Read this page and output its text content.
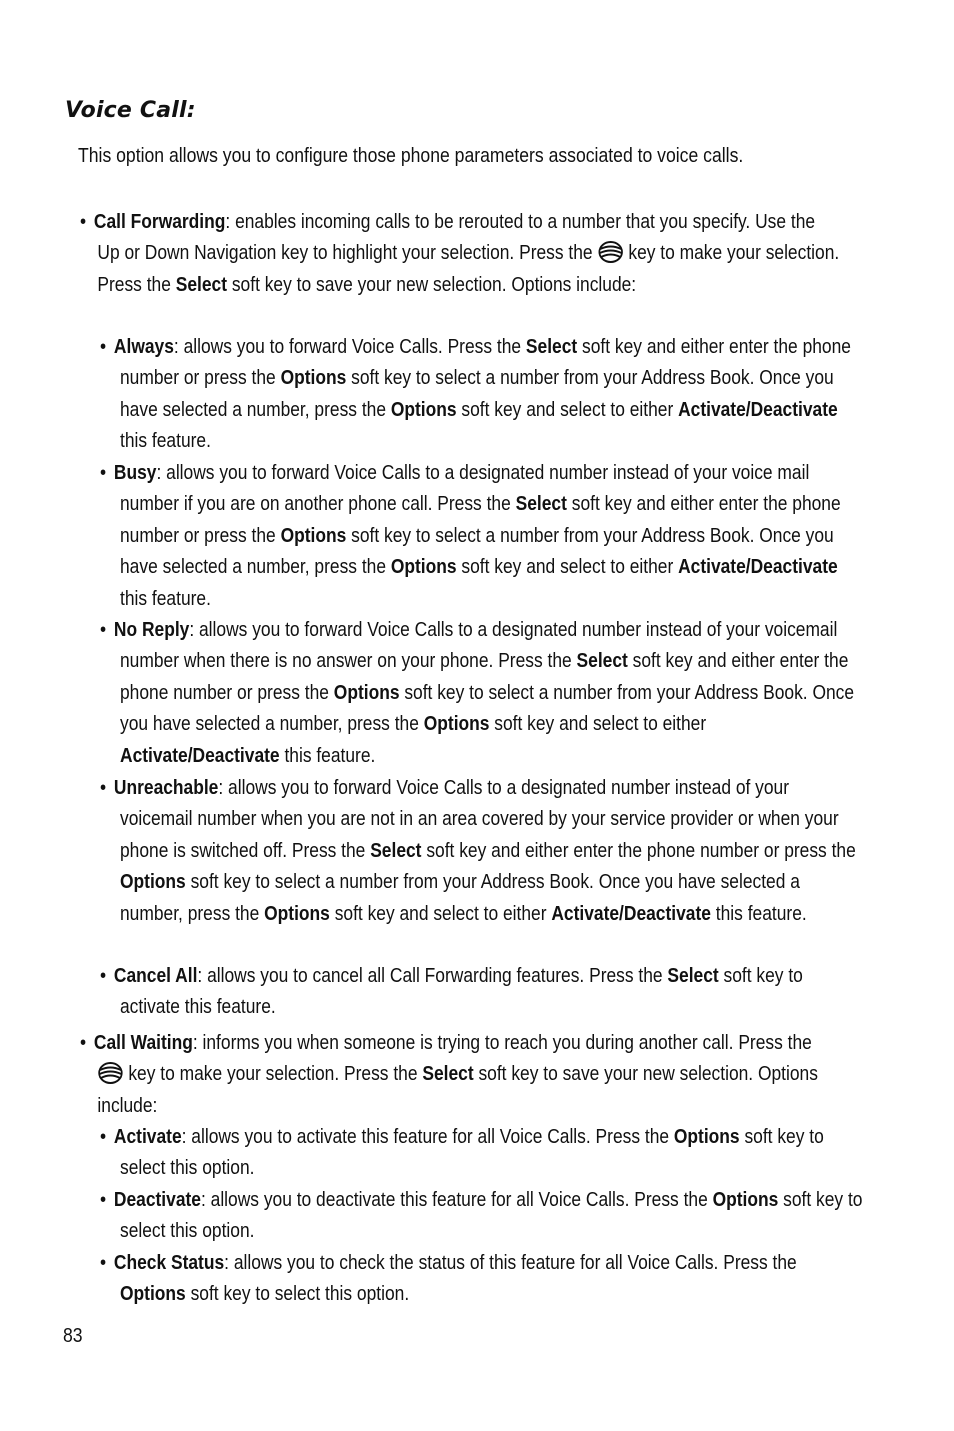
Voice Call:
This option allows you to configure those phone parameters associated to voice calls.
• Call Forwarding: enables incoming calls to be rerouted to a number that you specify. Use the Up or Down Navigation key to highlight your selection. Press the key to make your selection. Press the Select soft key to save your new selection. Options include:
• Always: allows you to forward Voice Calls. Press the Select soft key and either enter the phone number or press the Options soft key to select a number from your Address Book. Once you have selected a number, press the Options soft key and select to either Activate/Deactivate this feature.
• Busy: allows you to forward Voice Calls to a designated number instead of your voice mail number if you are on another phone call. Press the Select soft key and either enter the phone number or press the Options soft key to select a number from your Address Book. Once you have selected a number, press the Options soft key and select to either Activate/Deactivate this feature.
• No Reply: allows you to forward Voice Calls to a designated number instead of your voicemail number when there is no answer on your phone. Press the Select soft key and either enter the phone number or press the Options soft key to select a number from your Address Book. Once you have selected a number, press the Options soft key and select to either Activate/Deactivate this feature.
• Unreachable: allows you to forward Voice Calls to a designated number instead of your voicemail number when you are not in an area covered by your service provider or when your phone is switched off. Press the Select soft key and either enter the phone number or press the Options soft key to select a number from your Address Book. Once you have selected a number, press the Options soft key and select to either Activate/Deactivate this feature.
• Cancel All: allows you to cancel all Call Forwarding features. Press the Select soft key to activate this feature.
• Call Waiting: informs you when someone is trying to reach you during another call. Press the  key to make your selection. Press the Select soft key to save your new selection. Options include:
• Activate: allows you to activate this feature for all Voice Calls. Press the Options soft key to select this option.
• Deactivate: allows you to deactivate this feature for all Voice Calls. Press the Options soft key to select this option.
• Check Status: allows you to check the status of this feature for all Voice Calls. Press the Options soft key to select this option.
83
